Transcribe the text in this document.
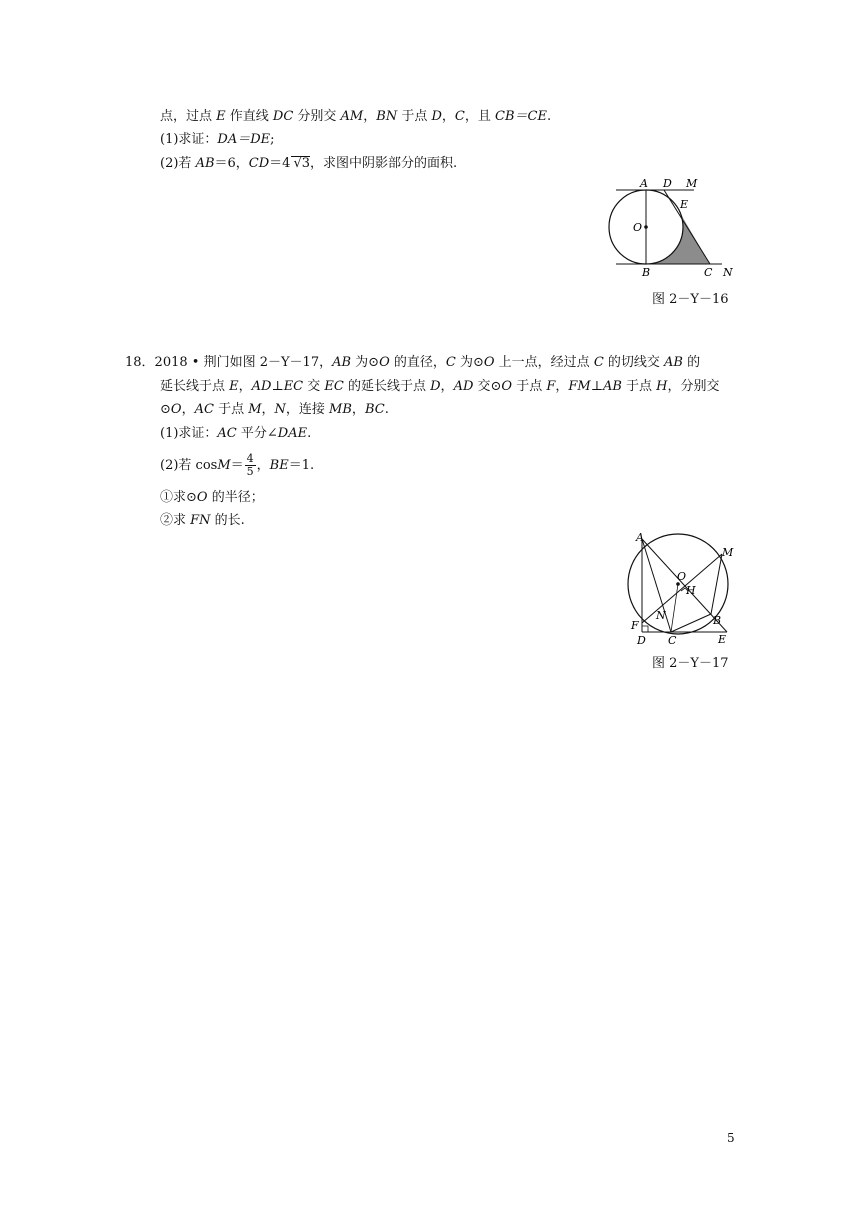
点，过点 E 作直线 DC 分别交 AM，BN 于点 D，C，且 CB＝CE.
(1)求证：DA＝DE;
(2)若 AB＝6，CD＝4 √3，求图中阴影部分的面积.
A D M
E
O
B	C N
图 2－Y－16
18．2018 • 荆门如图 2－Y－17，AB 为⊙O 的直径，C 为⊙O 上一点，经过点 C 的切线交 AB 的
延长线于点 E，AD⊥EC 交 EC 的延长线于点 D，AD 交⊙O 于点 F，FM⊥AB 于点 H，分别交
⊙O，AC 于点 M，N，连接 MB，BC.
(1)求证：AC 平分∠DAE.
(2)若 $\cos M= \frac{4}{5}$ ，BE＝1.
①求⊙O 的半径；
②求 FN 的长.
A
M
O
H
N	B
F
D C	E
图 2－Y－17
5
